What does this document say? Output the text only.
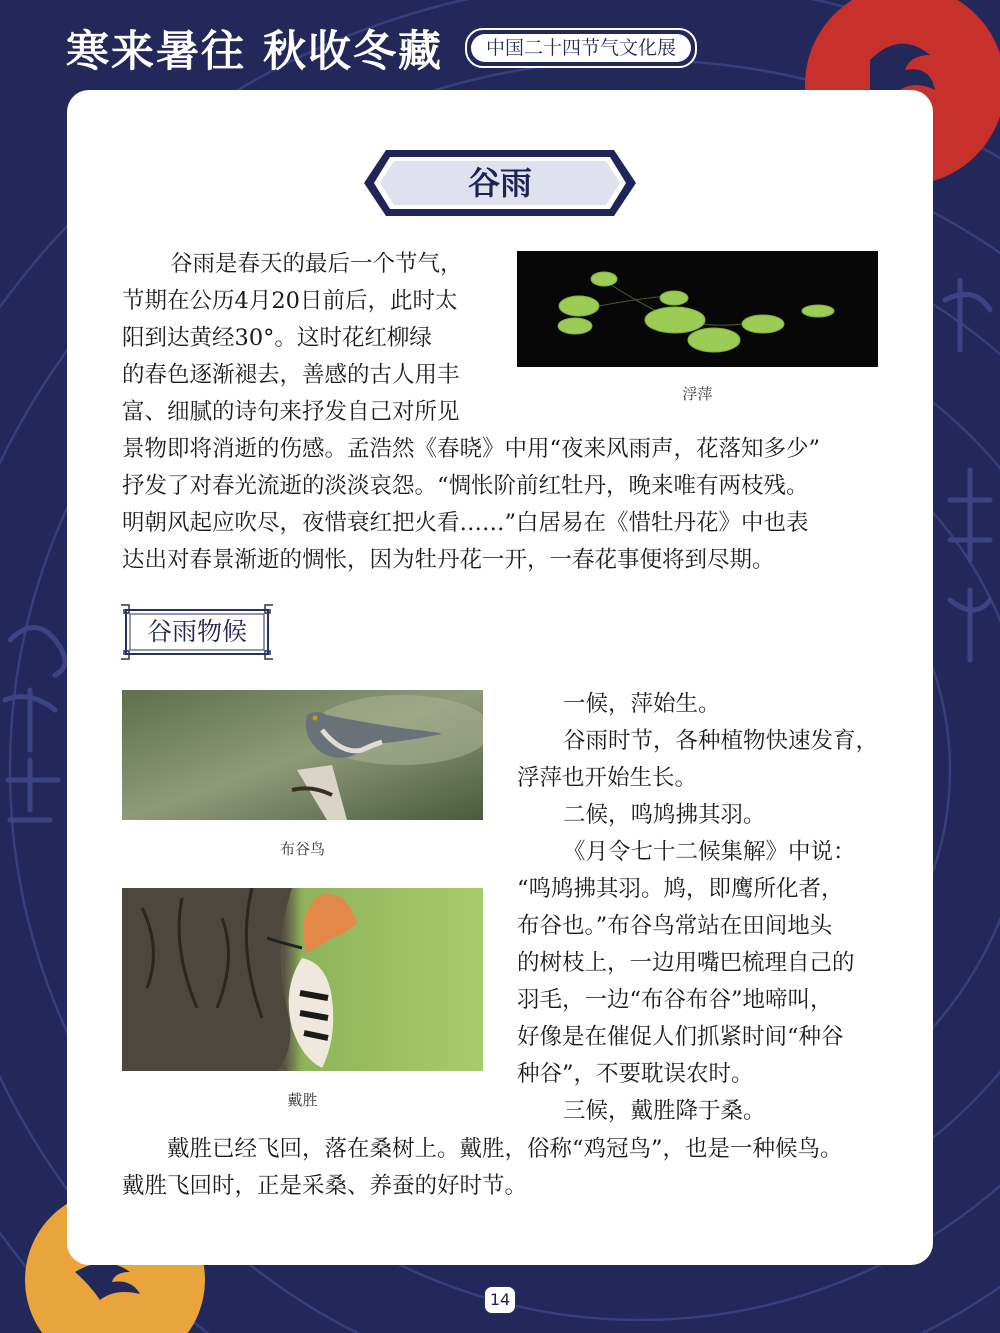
寒来暑往 秋收冬藏	中国二十四节气文化展
谷雨

谷雨是春天的最后一个节气，

节期在公历4月20日前后，此时太

阳到达黄经30°。这时花红柳绿

的春色逐渐褪去，善感的古人用丰

富、细腻的诗句来抒发自己对所见

浮萍

景物即将消逝的伤感。孟浩然《春晓》中用“夜来风雨声，花落知多少”

抒发了对春光流逝的淡淡哀怨。“惆怅阶前红牡丹，晚来唯有两枝残。

明朝风起应吹尽，夜惜衰红把火看……”白居易在《惜牡丹花》中也表

达出对春景渐逝的惆怅，因为牡丹花一开，一春花事便将到尽期。

谷雨物候
布谷鸟
戴胜

一候，萍始生。

谷雨时节，各种植物快速发育，

浮萍也开始生长。

二候，鸣鸠拂其羽。

《月令七十二候集解》中说：

“鸣鸠拂其羽。鸠，即鹰所化者，

布谷也。”布谷鸟常站在田间地头

的树枝上，一边用嘴巴梳理自己的

羽毛，一边“布谷布谷”地啼叫，

好像是在催促人们抓紧时间“种谷

种谷”，不要耽误农时。

三候，戴胜降于桑。

戴胜已经飞回，落在桑树上。戴胜，俗称“鸡冠鸟”，也是一种候鸟。

戴胜飞回时，正是采桑、养蚕的好时节。

14
